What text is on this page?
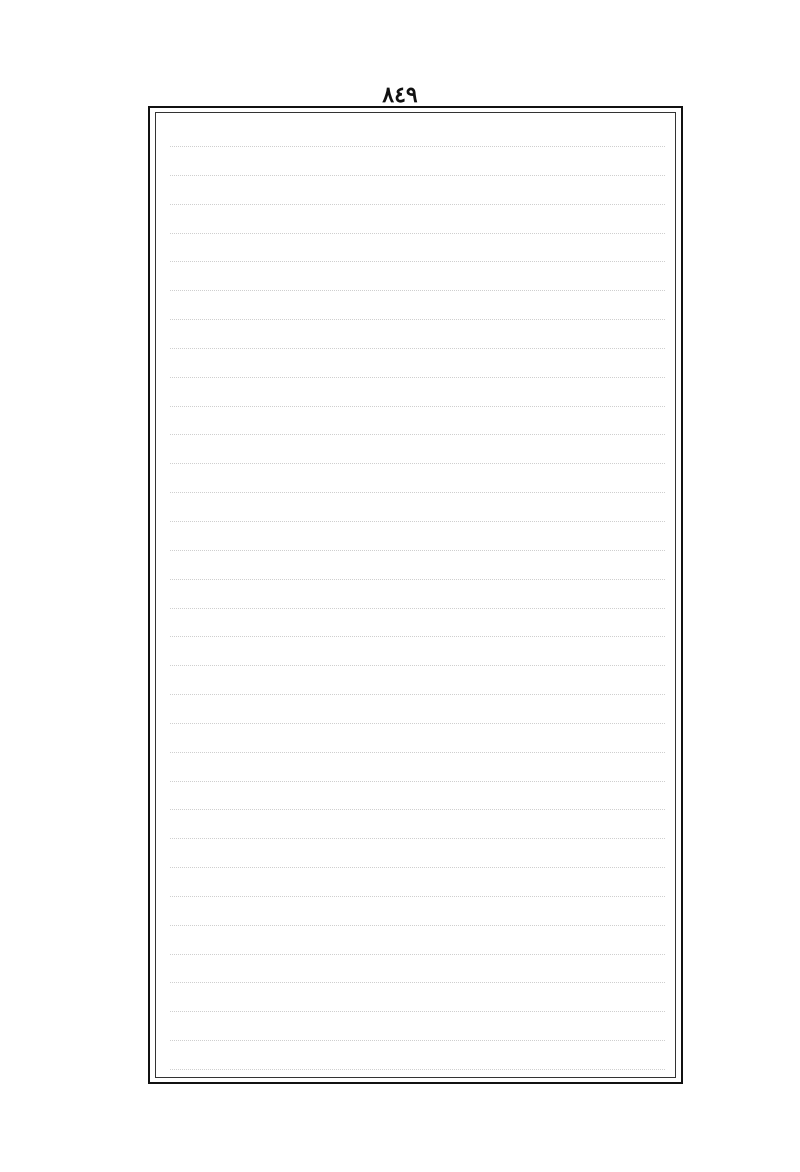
٨٤٩
